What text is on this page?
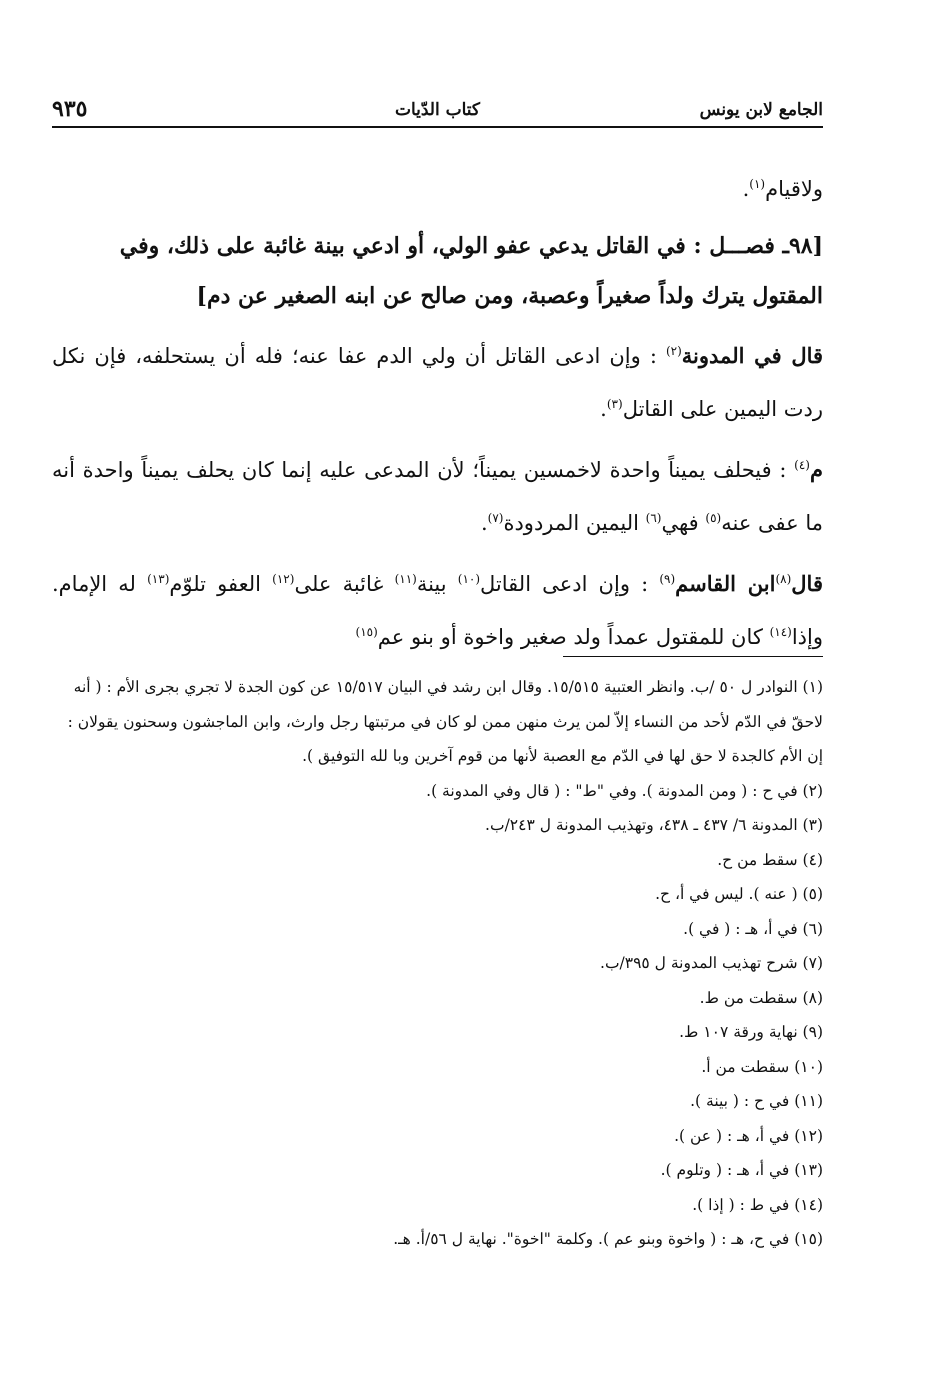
الجامع لابن يونس
كتاب الدّيات
٩٣٥

ولاقيام$^{(١)}$.

[٩٨ـ فصـــل : في القاتل يدعي عفو الولي، أو ادعي بينة غائبة على ذلك، وفي
المقتول يترك ولداً صغيراً وعصبة، ومن صالح عن ابنه الصغير عن دم]

قال في المدونة$^{(٢)}$ : وإن ادعى القاتل أن ولي الدم عفا عنه؛ فله أن يستحلفه، فإن نكل ردت اليمين على القاتل$^{(٣)}$.

م$^{(٤)}$ : فيحلف يميناً واحدة لاخمسين يميناً؛ لأن المدعى عليه إنما كان يحلف يميناً واحدة أنه ما عفى عنه$^{(٥)}$ فهي$^{(٦)}$ اليمين المردودة$^{(٧)}$.

قال$^{(٨)}$ابن القاسم$^{(٩)}$ : وإن ادعى القاتل$^{(١٠)}$ بينة$^{(١١)}$ غائبة على$^{(١٢)}$ العفو تلوّم$^{(١٣)}$ له الإمام. وإذا$^{(١٤)}$ كان للمقتول عمداً ولد صغير واخوة أو بنو عم$^{(١٥)}$

(١) النوادر ل ٥٠ /ب. وانظر العتبية ١٥/٥١٥. وقال ابن رشد في البيان ١٥/٥١٧ عن كون الجدة لا تجري بجرى الأم : ( أنه لاحقّ في الدّم لأحد من النساء إلاّ لمن يرث منهن ممن لو كان في مرتبتها رجل وارث، وابن الماجشون وسحنون يقولان : إن الأم كالجدة لا حق لها في الدّم مع العصبة لأنها من قوم آخرين وبا لله التوفيق ).
(٢) في ح : ( ومن المدونة ). وفي "ط" : ( قال وفي المدونة ).
(٣) المدونة ٦/ ٤٣٧ ـ ٤٣٨، وتهذيب المدونة ل ٢٤٣/ب.
(٤) سقط من ح.
(٥) ( عنه ). ليس في أ، ح.
(٦) في أ، هـ : ( في ).
(٧) شرح تهذيب المدونة ل ٣٩٥/ب.
(٨) سقطت من ط.
(٩) نهاية ورقة ١٠٧ ط.
(١٠) سقطت من أ.
(١١) في ح : ( بينة ).
(١٢) في أ، هـ : ( عن ).
(١٣) في أ، هـ : ( وتلوم ).
(١٤) في ط : ( إذا ).
(١٥) في ح، هـ : ( واخوة وبنو عم ). وكلمة "اخوة". نهاية ل ٥٦/أ. هـ.
